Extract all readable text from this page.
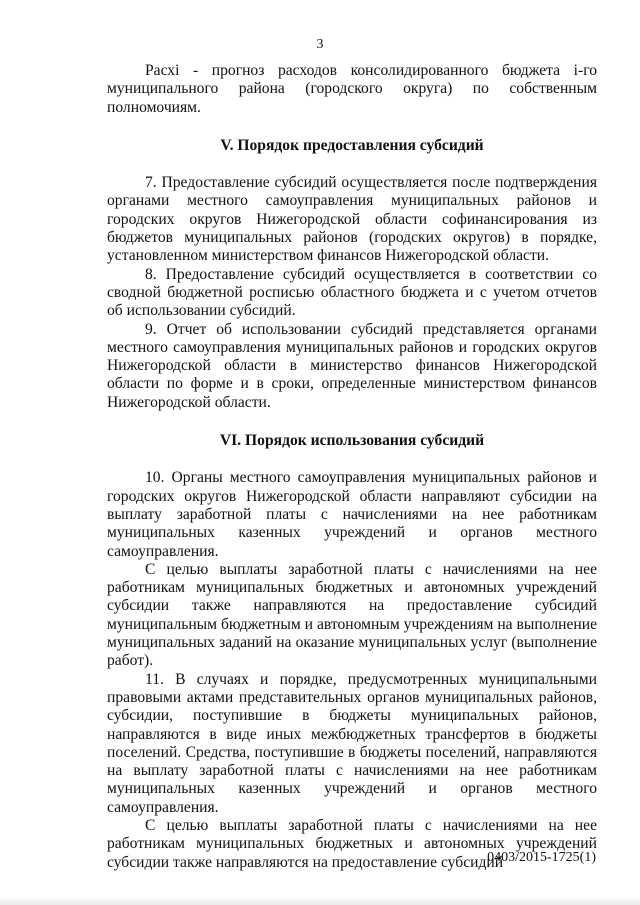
3

Расхi - прогноз расходов консолидированного бюджета i-го муниципального района (городского округа) по собственным полномочиям.

V. Порядок предоставления субсидий

7. Предоставление субсидий осуществляется после подтверждения органами местного самоуправления муниципальных районов и городских округов Нижегородской области софинансирования из бюджетов муниципальных районов (городских округов) в порядке, установленном министерством финансов Нижегородской области.

8. Предоставление субсидий осуществляется в соответствии со сводной бюджетной росписью областного бюджета и с учетом отчетов об использовании субсидий.

9. Отчет об использовании субсидий представляется органами местного самоуправления муниципальных районов и городских округов Нижегородской области в министерство финансов Нижегородской области по форме и в сроки, определенные министерством финансов Нижегородской области.

VI. Порядок использования субсидий

10. Органы местного самоуправления муниципальных районов и городских округов Нижегородской области направляют субсидии на выплату заработной платы с начислениями на нее работникам муниципальных казенных учреждений и органов местного самоуправления.

С целью выплаты заработной платы с начислениями на нее работникам муниципальных бюджетных и автономных учреждений субсидии также направляются на предоставление субсидий муниципальным бюджетным и автономным учреждениям на выполнение муниципальных заданий на оказание муниципальных услуг (выполнение работ).

11. В случаях и порядке, предусмотренных муниципальными правовыми актами представительных органов муниципальных районов, субсидии, поступившие в бюджеты муниципальных районов, направляются в виде иных межбюджетных трансфертов в бюджеты поселений. Средства, поступившие в бюджеты поселений, направляются на выплату заработной платы с начислениями на нее работникам муниципальных казенных учреждений и органов местного самоуправления.

С целью выплаты заработной платы с начислениями на нее работникам муниципальных бюджетных и автономных учреждений субсидии также направляются на предоставление субсидий

0403/2015-1725(1)
